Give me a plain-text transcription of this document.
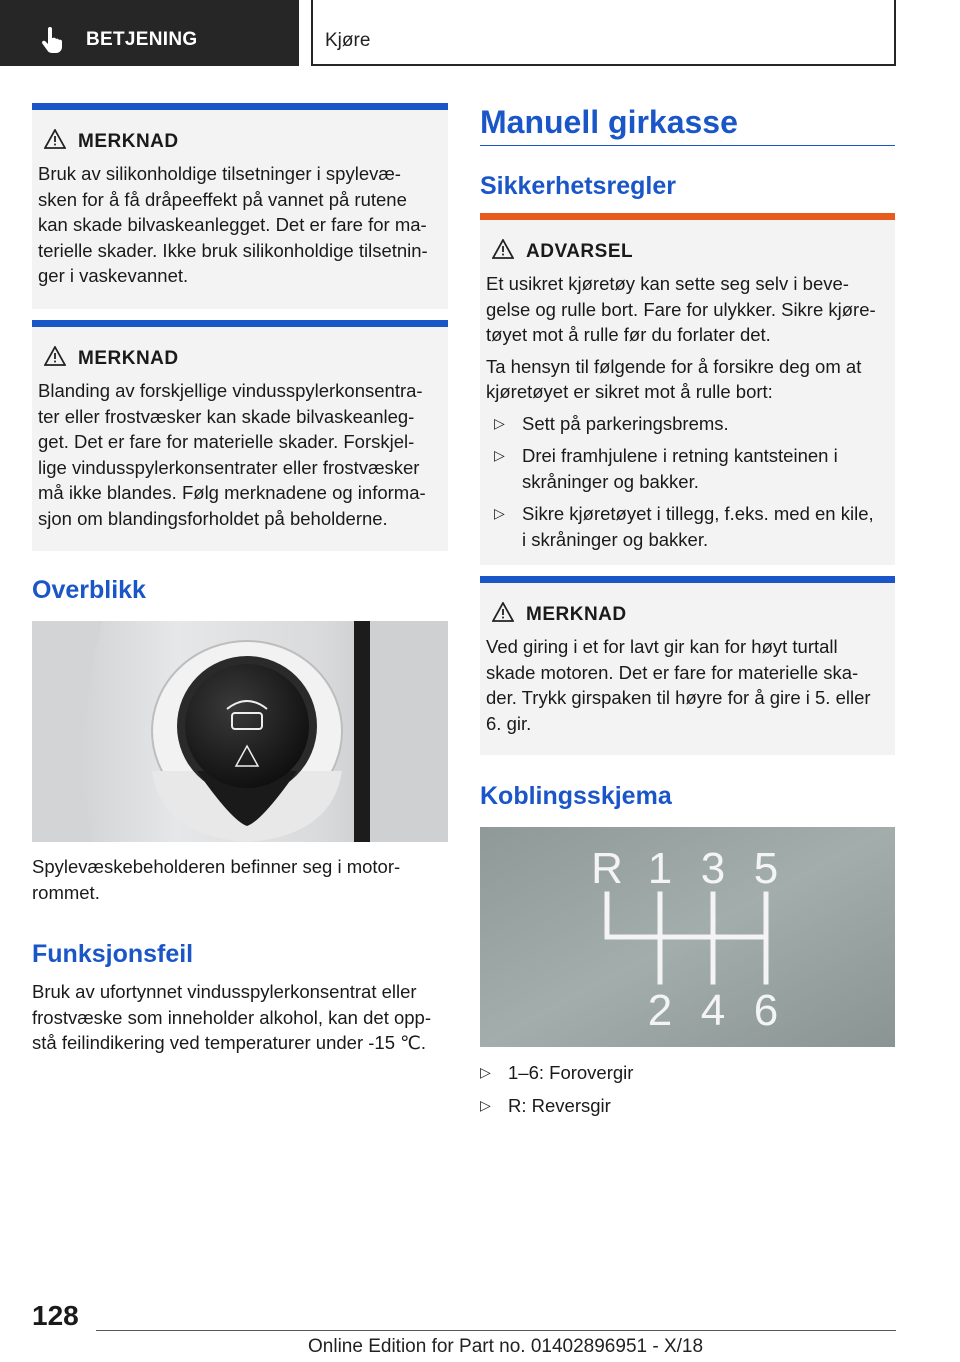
BETJENING	Kjøre
MERKNAD
Bruk av silikonholdige tilsetninger i spylevæ-
sken for å få dråpeeffekt på vannet på rutene
kan skade bilvaskeanlegget. Det er fare for ma-
terielle skader. Ikke bruk silikonholdige tilsetnin-
ger i vaskevannet.
MERKNAD
Blanding av forskjellige vindusspylerkonsentra-
ter eller frostvæsker kan skade bilvaskeanleg-
get. Det er fare for materielle skader. Forskjel-
lige vindusspylerkonsentrater eller frostvæsker
må ikke blandes. Følg merknadene og informa-
sjon om blandingsforholdet på beholderne.
Overblikk
Spylevæskebeholderen befinner seg i motor-
rommet.
Funksjonsfeil
Bruk av ufortynnet vindusspylerkonsentrat eller
frostvæske som inneholder alkohol, kan det opp-
stå feilindikering ved temperaturer under -15 ℃.
Manuell girkasse
Sikkerhetsregler
ADVARSEL

Et usikret kjøretøy kan sette seg selv i beve-
gelse og rulle bort. Fare for ulykker. Sikre kjøre-
tøyet mot å rulle før du forlater det.

Ta hensyn til følgende for å forsikre deg om at
kjøretøyet er sikret mot å rulle bort:

▷ Sett på parkeringsbrems.
▷ Drei framhjulene i retning kantsteinen i
skråninger og bakker.
▷ Sikre kjøretøyet i tillegg, f.eks. med en kile,
i skråninger og bakker.
MERKNAD
Ved giring i et for lavt gir kan for høyt turtall
skade motoren. Det er fare for materielle ska-
der. Trykk girspaken til høyre for å gire i 5. eller
6. gir.
Koblingsskjema
R 1 3 5
2 4 6
▷ 1–6: Forovergir
▷ R: Reversgir
128
Online Edition for Part no. 01402896951 - X/18
